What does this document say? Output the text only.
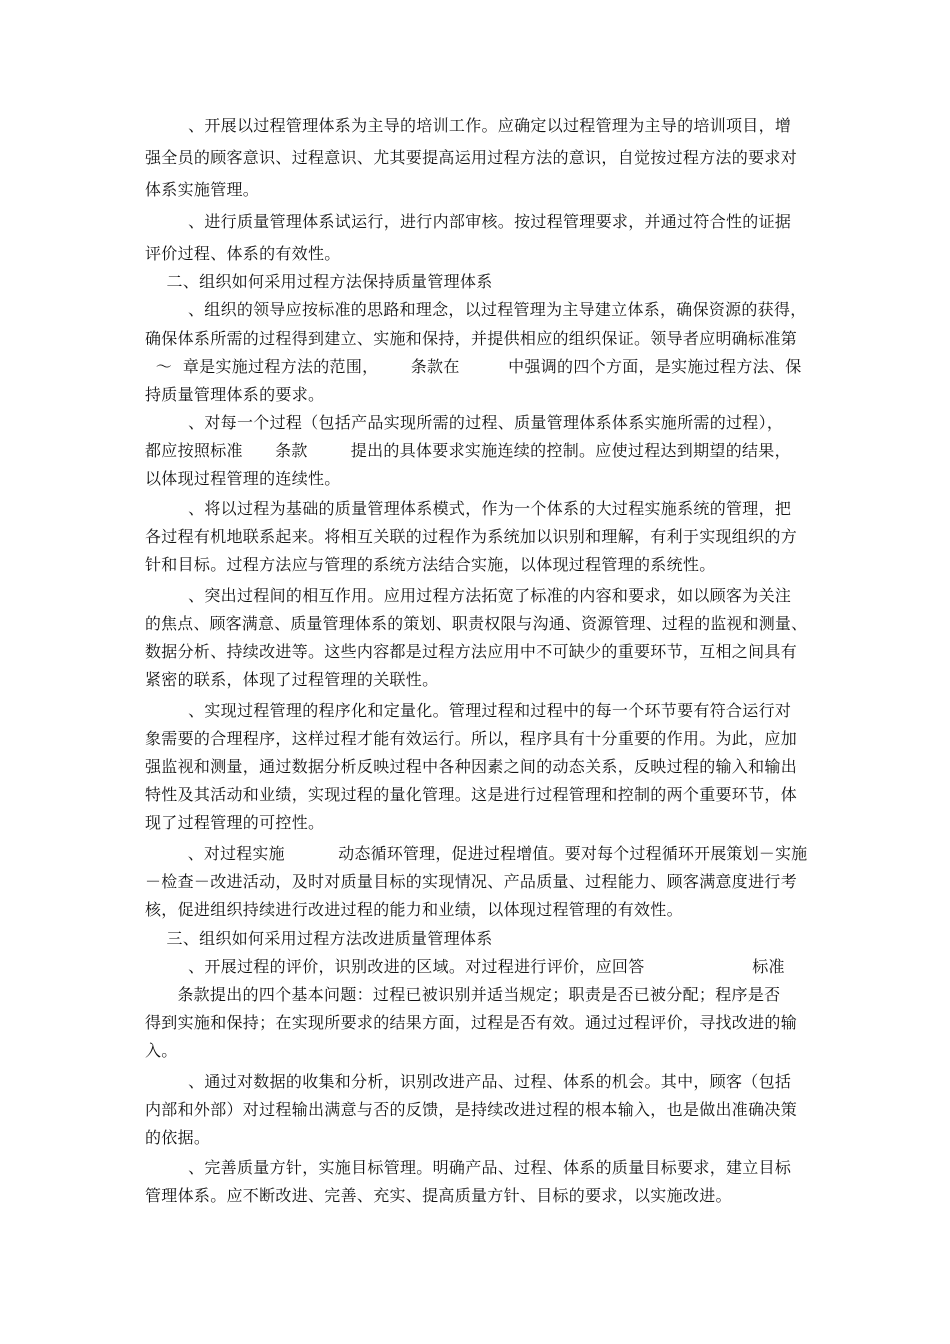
、开展以过程管理体系为主导的培训工作。应确定以过程管理为主导的培训项目，增
强全员的顾客意识、过程意识、尤其要提高运用过程方法的意识，自觉按过程方法的要求对
体系实施管理。
、进行质量管理体系试运行，进行内部审核。按过程管理要求，并通过符合性的证据
评价过程、体系的有效性。
二、组织如何采用过程方法保持质量管理体系
、组织的领导应按标准的思路和理念，以过程管理为主导建立体系，确保资源的获得，
确保体系所需的过程得到建立、实施和保持，并提供相应的组织保证。领导者应明确标准第
～  章是实施过程方法的范围，      条款在         中强调的四个方面，是实施过程方法、保
持质量管理体系的要求。
、对每一个过程（包括产品实现所需的过程、质量管理体系体系实施所需的过程），
都应按照标准      条款        提出的具体要求实施连续的控制。应使过程达到期望的结果，
以体现过程管理的连续性。
、将以过程为基础的质量管理体系模式，作为一个体系的大过程实施系统的管理，把
各过程有机地联系起来。将相互关联的过程作为系统加以识别和理解，有利于实现组织的方
针和目标。过程方法应与管理的系统方法结合实施，以体现过程管理的系统性。
、突出过程间的相互作用。应用过程方法拓宽了标准的内容和要求，如以顾客为关注
的焦点、顾客满意、质量管理体系的策划、职责权限与沟通、资源管理、过程的监视和测量、
数据分析、持续改进等。这些内容都是过程方法应用中不可缺少的重要环节，互相之间具有
紧密的联系，体现了过程管理的关联性。
、实现过程管理的程序化和定量化。管理过程和过程中的每一个环节要有符合运行对
象需要的合理程序，这样过程才能有效运行。所以，程序具有十分重要的作用。为此，应加
强监视和测量，通过数据分析反映过程中各种因素之间的动态关系，反映过程的输入和输出
特性及其活动和业绩，实现过程的量化管理。这是进行过程管理和控制的两个重要环节，体
现了过程管理的可控性。
、对过程实施          动态循环管理，促进过程增值。要对每个过程循环开展策划－实施
－检查－改进活动，及时对质量目标的实现情况、产品质量、过程能力、顾客满意度进行考
核，促进组织持续进行改进过程的能力和业绩，以体现过程管理的有效性。
三、组织如何采用过程方法改进质量管理体系
、开展过程的评价，识别改进的区域。对过程进行评价，应回答                    标准
条款提出的四个基本问题：过程已被识别并适当规定；职责是否已被分配；程序是否
得到实施和保持；在实现所要求的结果方面，过程是否有效。通过过程评价，寻找改进的输
入。
、通过对数据的收集和分析，识别改进产品、过程、体系的机会。其中，顾客（包括
内部和外部）对过程输出满意与否的反馈，是持续改进过程的根本输入，也是做出准确决策
的依据。
、完善质量方针，实施目标管理。明确产品、过程、体系的质量目标要求，建立目标
管理体系。应不断改进、完善、充实、提高质量方针、目标的要求，以实施改进。
